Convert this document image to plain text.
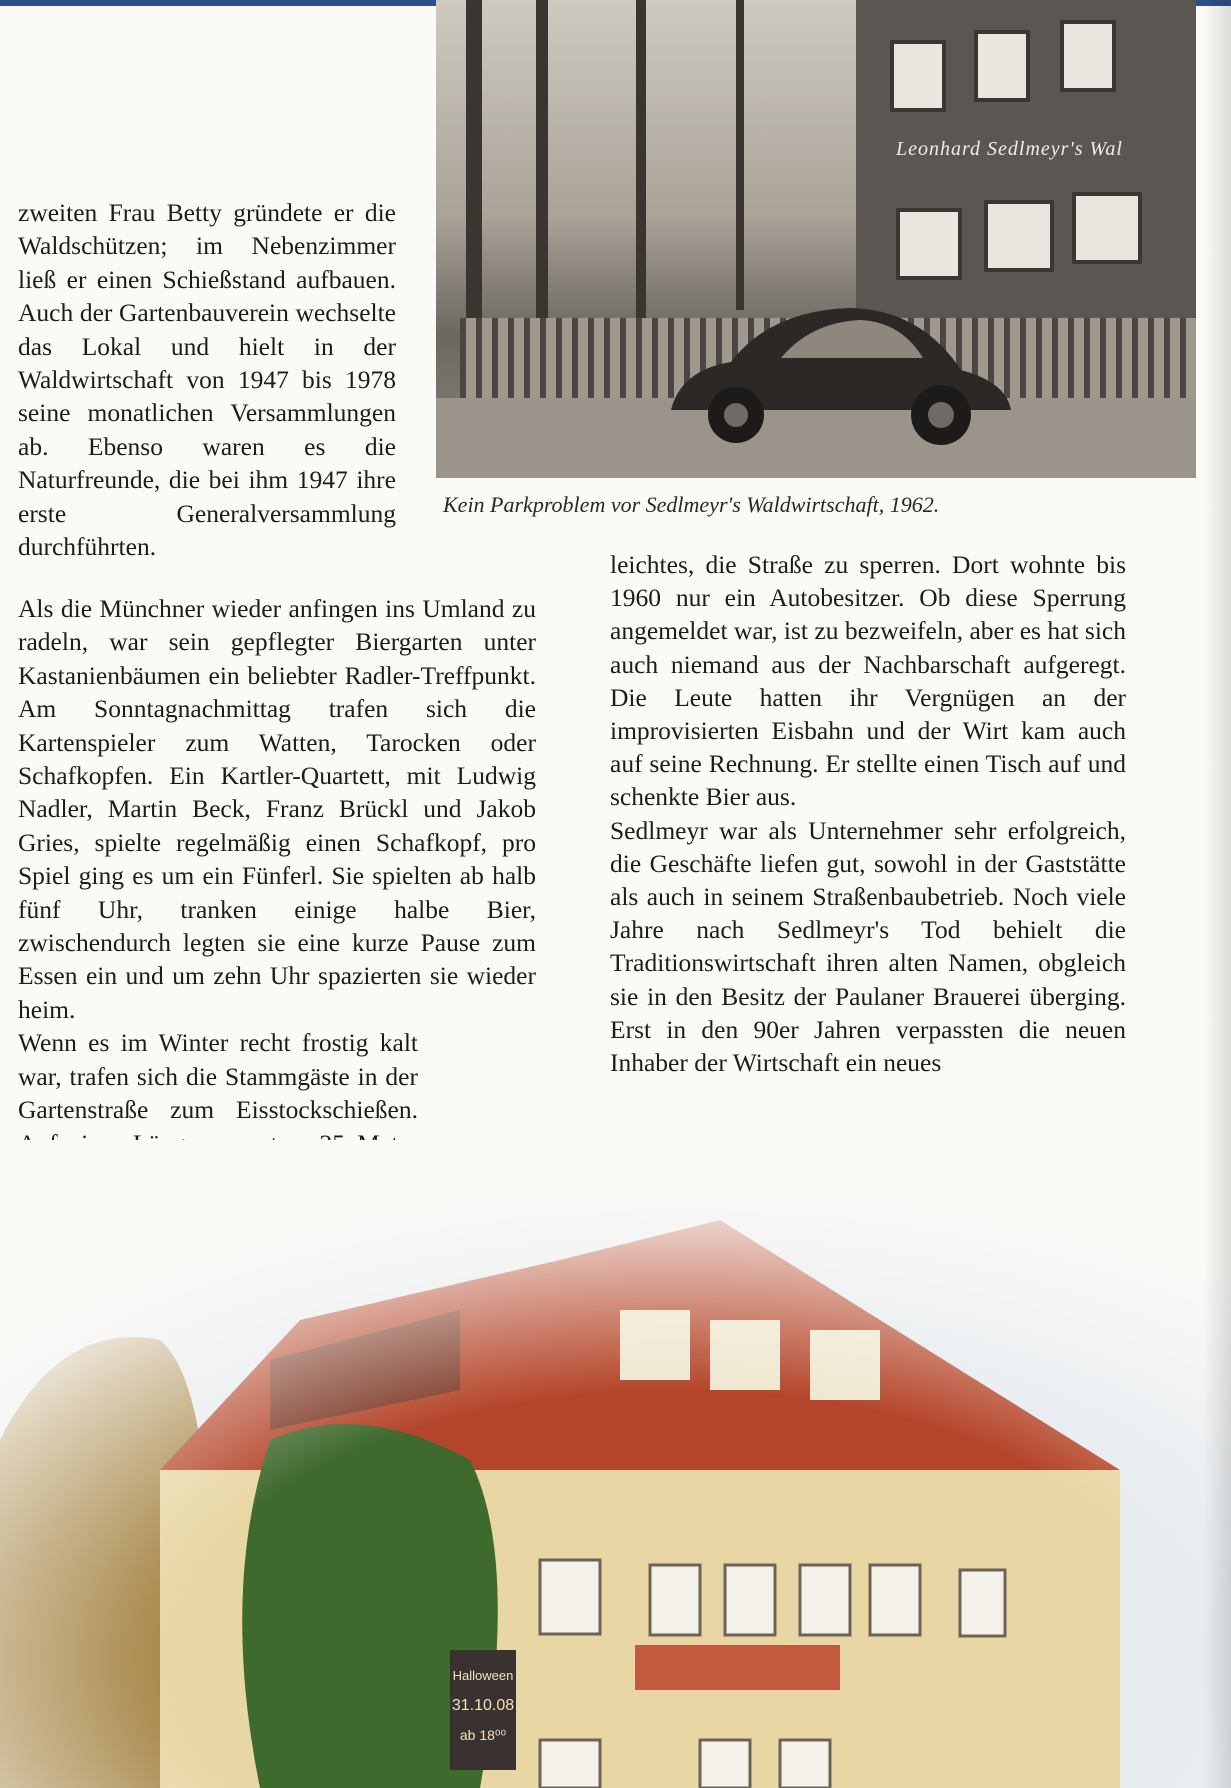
Leonhard Sedlmeyr's Wal
Kein Parkproblem vor Sedlmeyr's Waldwirtschaft, 1962.

zweiten Frau Betty gründete er die Waldschützen; im Nebenzimmer ließ er einen Schießstand aufbauen. Auch der Gartenbauverein wechselte das Lokal und hielt in der Waldwirtschaft von 1947 bis 1978 seine monatlichen Versammlungen ab. Ebenso waren es die Naturfreunde, die bei ihm 1947 ihre erste Generalversammlung durchführten.

Als die Münchner wieder anfingen ins Umland zu radeln, war sein gepflegter Biergarten unter Kastanienbäumen ein beliebter Radler-Treffpunkt. Am Sonntagnachmittag trafen sich die Kartenspieler zum Watten, Tarocken oder Schafkopfen. Ein Kartler-Quartett, mit Ludwig Nadler, Martin Beck, Franz Brückl und Jakob Gries, spielte regelmäßig einen Schafkopf, pro Spiel ging es um ein Fünferl. Sie spielten ab halb fünf Uhr, tranken einige halbe Bier, zwischendurch legten sie eine kurze Pause zum Essen ein und um zehn Uhr spazierten sie wieder heim.

Wenn es im Winter recht frostig kalt war, trafen sich die Stammgäste in der Gartenstraße zum Eisstockschießen.

leichtes, die Straße zu sperren. Dort wohnte bis 1960 nur ein Autobesitzer. Ob diese Sperrung angemeldet war, ist zu bezweifeln, aber es hat sich auch niemand aus der Nachbarschaft aufgeregt. Die Leute hatten ihr Vergnügen an der improvisierten Eisbahn und der Wirt kam auch auf seine Rechnung. Er stellte einen Tisch auf und schenkte Bier aus.

Sedlmeyr war als Unternehmer sehr erfolgreich, die Geschäfte liefen gut, sowohl in der Gaststätte als auch in seinem Straßenbaubetrieb. Noch viele Jahre nach Sedlmeyr's Tod behielt die Traditionswirtschaft ihren alten Namen, obgleich sie in den Besitz der Paulaner Brauerei überging. Erst in den 90er Jahren verpassten die neuen Inhaber der Wirtschaft ein neues
